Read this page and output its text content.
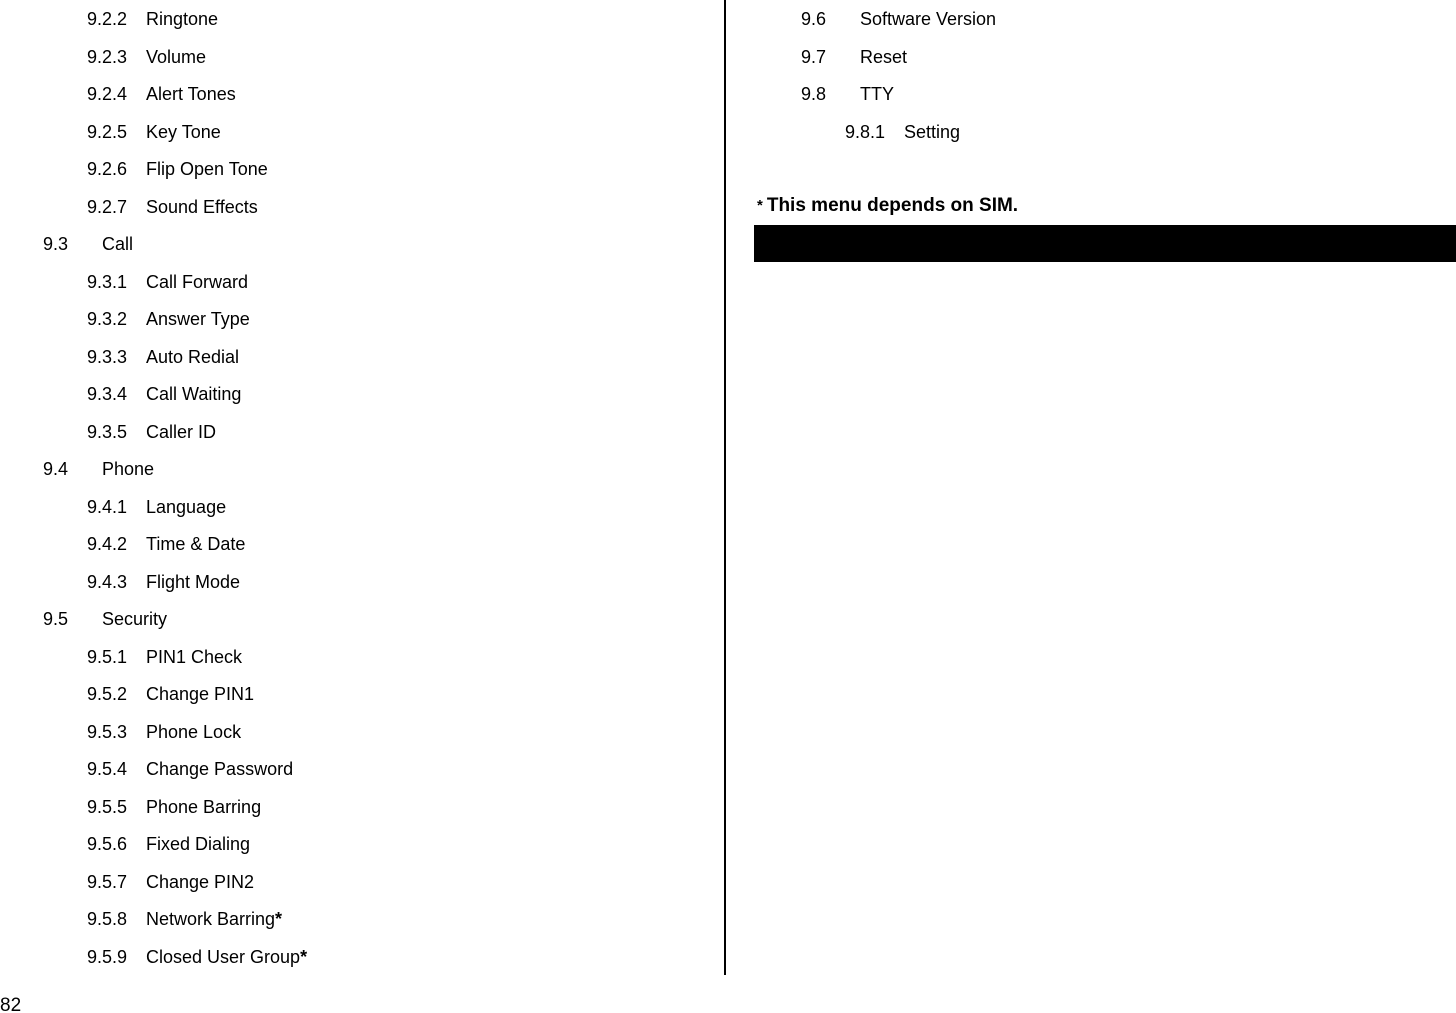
9.2.2 Ringtone
9.2.3 Volume
9.2.4 Alert Tones
9.2.5 Key Tone
9.2.6 Flip Open Tone
9.2.7 Sound Effects
9.3 Call
9.3.1 Call Forward
9.3.2 Answer Type
9.3.3 Auto Redial
9.3.4 Call Waiting
9.3.5 Caller ID
9.4 Phone
9.4.1 Language
9.4.2 Time & Date
9.4.3 Flight Mode
9.5 Security
9.5.1 PIN1 Check
9.5.2 Change PIN1
9.5.3 Phone Lock
9.5.4 Change Password
9.5.5 Phone Barring
9.5.6 Fixed Dialing
9.5.7 Change PIN2
9.5.8 Network Barring*
9.5.9 Closed User Group*
* This menu depends on SIM.
9.6 Software Version
9.7 Reset
9.8 TTY
9.8.1 Setting
82
